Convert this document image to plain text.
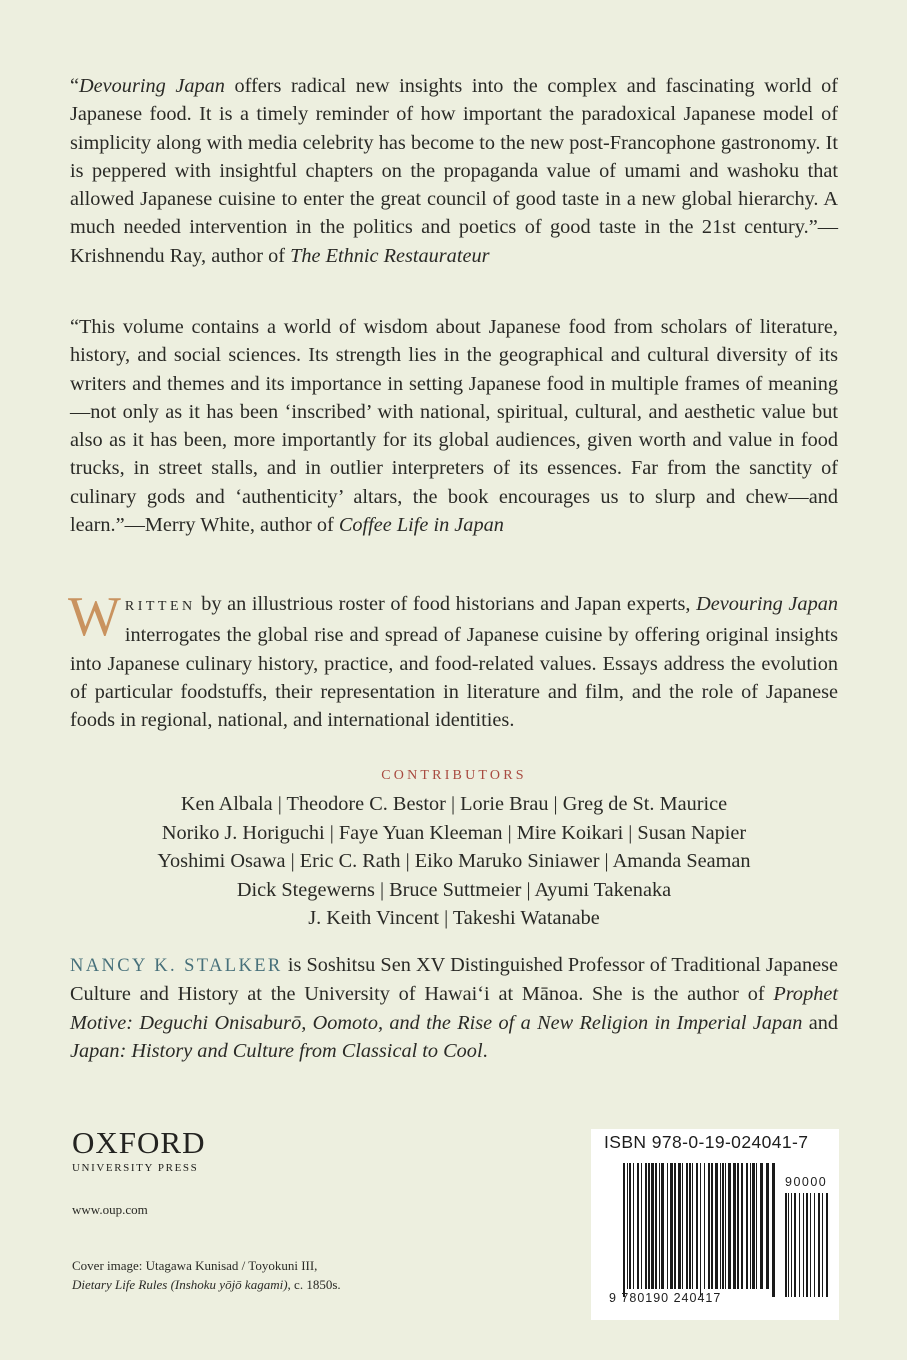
“Devouring Japan offers radical new insights into the complex and fascinating world of Japanese food. It is a timely reminder of how important the paradoxical Japanese model of simplicity along with media celebrity has become to the new post-Francophone gastronomy. It is peppered with insightful chapters on the propaganda value of umami and washoku that allowed Japanese cuisine to enter the great council of good taste in a new global hierarchy. A much needed intervention in the politics and poetics of good taste in the 21st century.”—Krishnendu Ray, author of The Ethnic Restaurateur

“This volume contains a world of wisdom about Japanese food from scholars of literature, history, and social sciences. Its strength lies in the geographical and cultural diversity of its writers and themes and its importance in setting Japanese food in multiple frames of meaning —not only as it has been ‘inscribed’ with national, spiritual, cultural, and aesthetic value but also as it has been, more importantly for its global audiences, given worth and value in food trucks, in street stalls, and in outlier interpreters of its essences. Far from the sanctity of culinary gods and ‘authenticity’ altars, the book encourages us to slurp and chew—and learn.”—Merry White, author of Coffee Life in Japan

WRITTEN by an illustrious roster of food historians and Japan experts, Devouring Japan interrogates the global rise and spread of Japanese cuisine by offering original insights into Japanese culinary history, practice, and food-related values. Essays address the evolution of particular foodstuffs, their representation in literature and film, and the role of Japanese foods in regional, national, and international identities.
CONTRIBUTORS
Ken Albala | Theodore C. Bestor | Lorie Brau | Greg de St. Maurice
Noriko J. Horiguchi | Faye Yuan Kleeman | Mire Koikari | Susan Napier
Yoshimi Osawa | Eric C. Rath | Eiko Maruko Siniawer | Amanda Seaman
Dick Stegewerns | Bruce Suttmeier | Ayumi Takenaka
J. Keith Vincent | Takeshi Watanabe
NANCY K. STALKER is Soshitsu Sen XV Distinguished Professor of Traditional Japanese Culture and History at the University of Hawai‘i at Mānoa. She is the author of Prophet Motive: Deguchi Onisaburō, Oomoto, and the Rise of a New Religion in Imperial Japan and Japan: History and Culture from Classical to Cool.
OXFORD
UNIVERSITY PRESS
www.oup.com
Cover image: Utagawa Kunisad / Toyokuni III,
Dietary Life Rules (Inshoku yōjō kagami), c. 1850s.
ISBN 978-0-19-024041-7
90000
9 780190 240417
